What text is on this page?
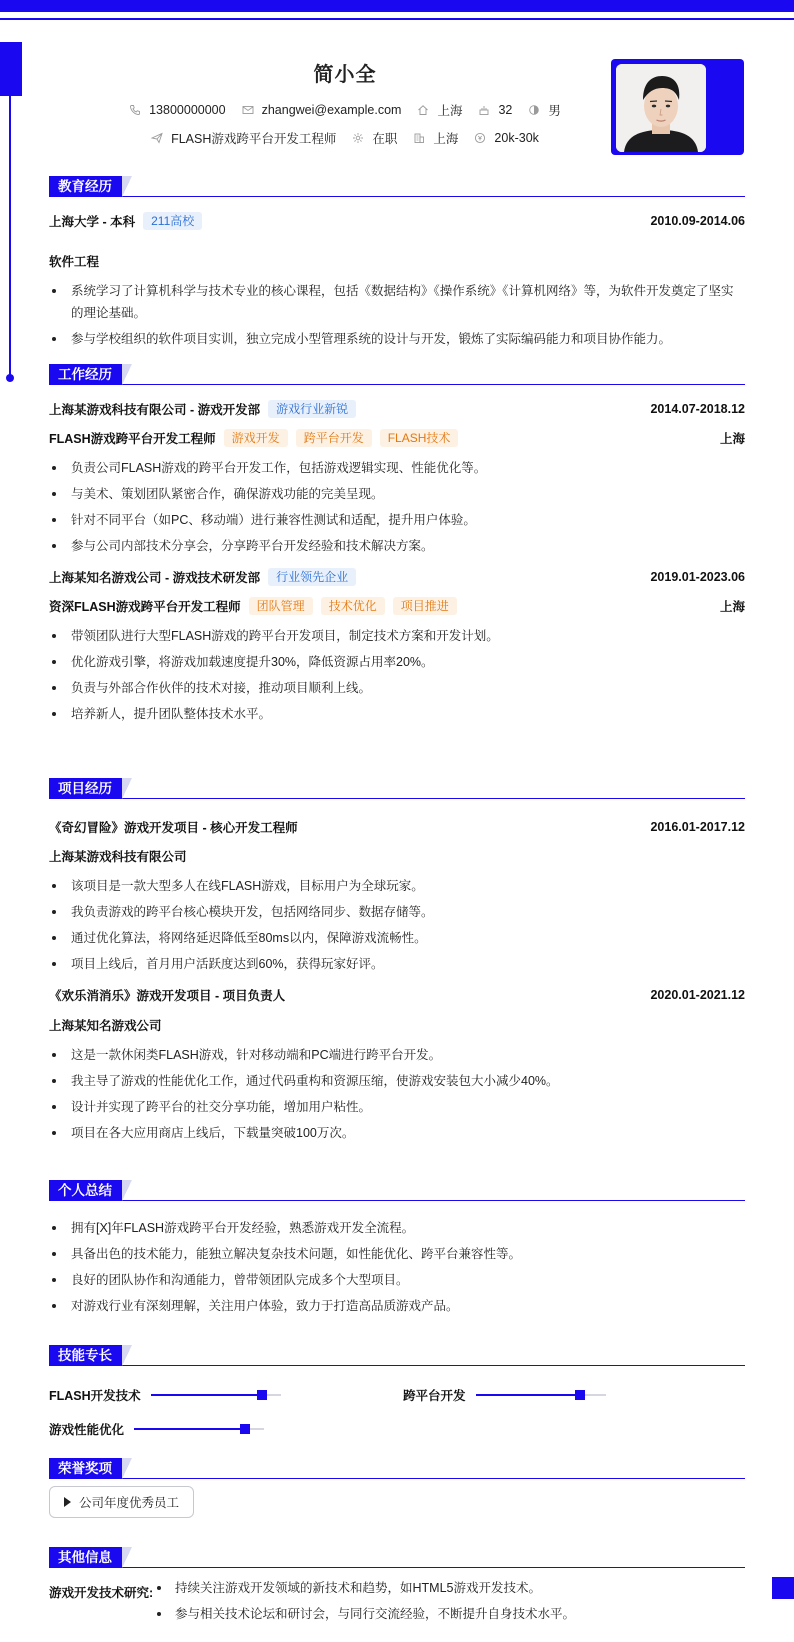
简小全
13800000000	zhangwei@example.com	上海	32	男
FLASH游戏跨平台开发工程师	在职	上海	20k-30k
教育经历
上海大学 - 本科	211高校	2010.09-2014.06
软件工程
系统学习了计算机科学与技术专业的核心课程，包括《数据结构》《操作系统》《计算机网络》等，为软件开发奠定了坚实的理论基础。
参与学校组织的软件项目实训，独立完成小型管理系统的设计与开发，锻炼了实际编码能力和项目协作能力。
工作经历
上海某游戏科技有限公司 - 游戏开发部	游戏行业新锐	2014.07-2018.12
FLASH游戏跨平台开发工程师	游戏开发	跨平台开发	FLASH技术	上海
负责公司FLASH游戏的跨平台开发工作，包括游戏逻辑实现、性能优化等。
与美术、策划团队紧密合作，确保游戏功能的完美呈现。
针对不同平台（如PC、移动端）进行兼容性测试和适配，提升用户体验。
参与公司内部技术分享会，分享跨平台开发经验和技术解决方案。
上海某知名游戏公司 - 游戏技术研发部	行业领先企业	2019.01-2023.06
资深FLASH游戏跨平台开发工程师	团队管理	技术优化	项目推进	上海
带领团队进行大型FLASH游戏的跨平台开发项目，制定技术方案和开发计划。
优化游戏引擎，将游戏加载速度提升30%，降低资源占用率20%。
负责与外部合作伙伴的技术对接，推动项目顺利上线。
培养新人，提升团队整体技术水平。
项目经历
《奇幻冒险》游戏开发项目 - 核心开发工程师	2016.01-2017.12
上海某游戏科技有限公司
该项目是一款大型多人在线FLASH游戏，目标用户为全球玩家。
我负责游戏的跨平台核心模块开发，包括网络同步、数据存储等。
通过优化算法，将网络延迟降低至80ms以内，保障游戏流畅性。
项目上线后，首月用户活跃度达到60%，获得玩家好评。
《欢乐消消乐》游戏开发项目 - 项目负责人	2020.01-2021.12
上海某知名游戏公司
这是一款休闲类FLASH游戏，针对移动端和PC端进行跨平台开发。
我主导了游戏的性能优化工作，通过代码重构和资源压缩，使游戏安装包大小减少40%。
设计并实现了跨平台的社交分享功能，增加用户粘性。
项目在各大应用商店上线后，下载量突破100万次。
个人总结
拥有[X]年FLASH游戏跨平台开发经验，熟悉游戏开发全流程。
具备出色的技术能力，能独立解决复杂技术问题，如性能优化、跨平台兼容性等。
良好的团队协作和沟通能力，曾带领团队完成多个大型项目。
对游戏行业有深刻理解，关注用户体验，致力于打造高品质游戏产品。
技能专长
FLASH开发技术	跨平台开发
游戏性能优化
荣誉奖项
公司年度优秀员工
其他信息
游戏开发技术研究:	持续关注游戏开发领域的新技术和趋势，如HTML5游戏开发技术。
参与相关技术论坛和研讨会，与同行交流经验，不断提升自身技术水平。
